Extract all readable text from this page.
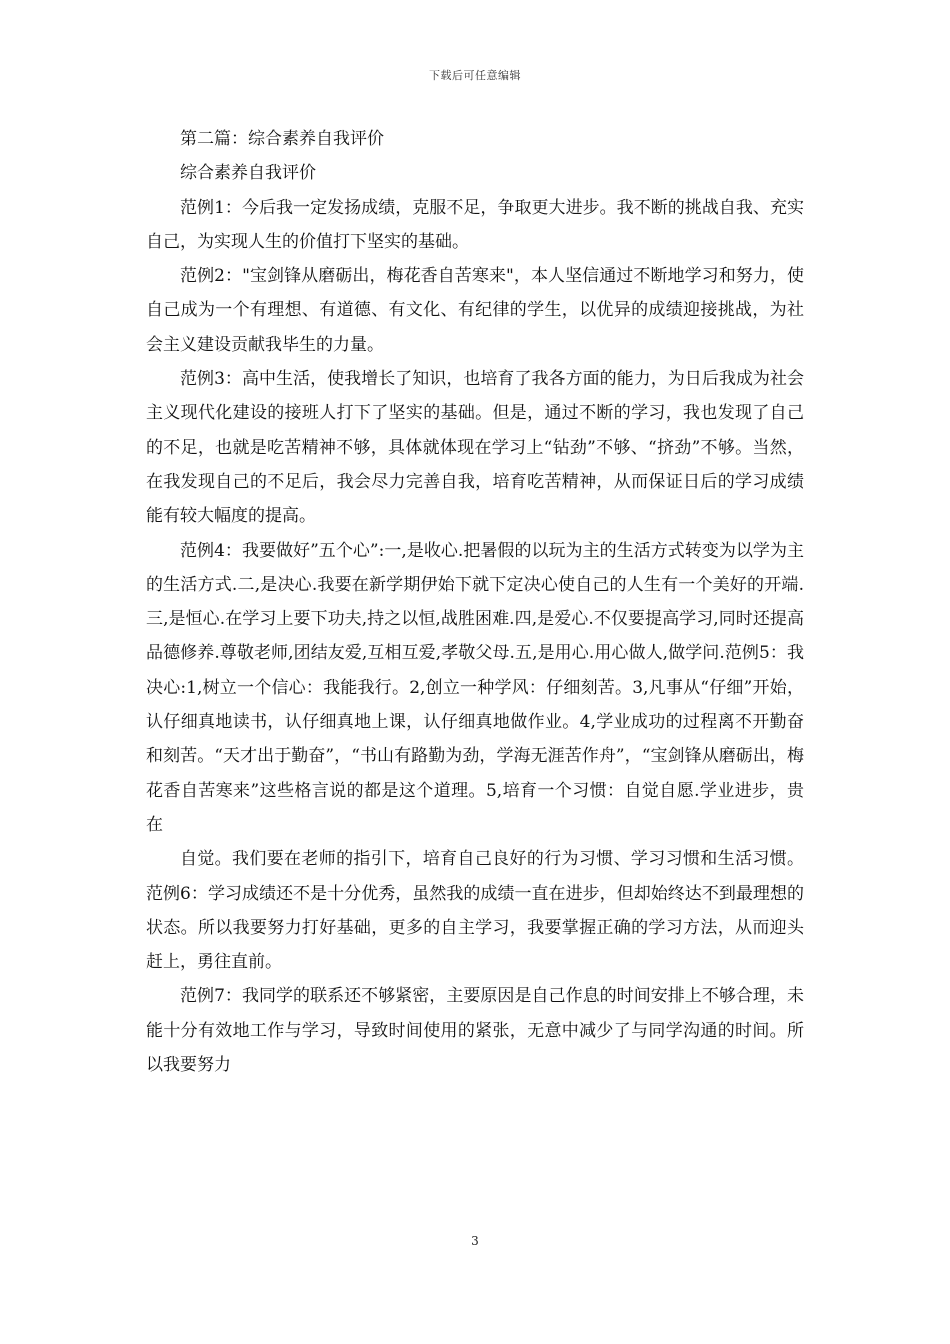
下载后可任意编辑

第二篇：综合素养自我评价

综合素养自我评价

范例1：今后我一定发扬成绩，克服不足，争取更大进步。我不断的挑战自我、充实自己，为实现人生的价值打下坚实的基础。

范例2："宝剑锋从磨砺出，梅花香自苦寒来"，本人坚信通过不断地学习和努力，使自己成为一个有理想、有道德、有文化、有纪律的学生，以优异的成绩迎接挑战，为社会主义建设贡献我毕生的力量。

范例3：高中生活，使我增长了知识，也培育了我各方面的能力，为日后我成为社会主义现代化建设的接班人打下了坚实的基础。但是，通过不断的学习，我也发现了自己的不足，也就是吃苦精神不够，具体就体现在学习上“钻劲”不够、“挤劲”不够。当然，在我发现自己的不足后，我会尽力完善自我，培育吃苦精神，从而保证日后的学习成绩能有较大幅度的提高。

范例4：我要做好”五个心”:一,是收心.把暑假的以玩为主的生活方式转变为以学为主的生活方式.二,是决心.我要在新学期伊始下就下定决心使自己的人生有一个美好的开端.三,是恒心.在学习上要下功夫,持之以恒,战胜困难.四,是爱心.不仅要提高学习,同时还提高品德修养.尊敬老师,团结友爱,互相互爱,孝敬父母.五,是用心.用心做人,做学问.范例5：我决心:1,树立一个信心：我能我行。2,创立一种学风：仔细刻苦。3,凡事从“仔细”开始，认仔细真地读书，认仔细真地上课，认仔细真地做作业。4,学业成功的过程离不开勤奋和刻苦。“天才出于勤奋”，“书山有路勤为劲，学海无涯苦作舟”，“宝剑锋从磨砺出，梅花香自苦寒来”这些格言说的都是这个道理。5,培育一个习惯：自觉自愿.学业进步，贵在

自觉。我们要在老师的指引下，培育自己良好的行为习惯、学习习惯和生活习惯。范例6：学习成绩还不是十分优秀，虽然我的成绩一直在进步，但却始终达不到最理想的状态。所以我要努力打好基础，更多的自主学习，我要掌握正确的学习方法，从而迎头赶上，勇往直前。

范例7：我同学的联系还不够紧密，主要原因是自己作息的时间安排上不够合理，未能十分有效地工作与学习，导致时间使用的紧张，无意中减少了与同学沟通的时间。所以我要努力

3
